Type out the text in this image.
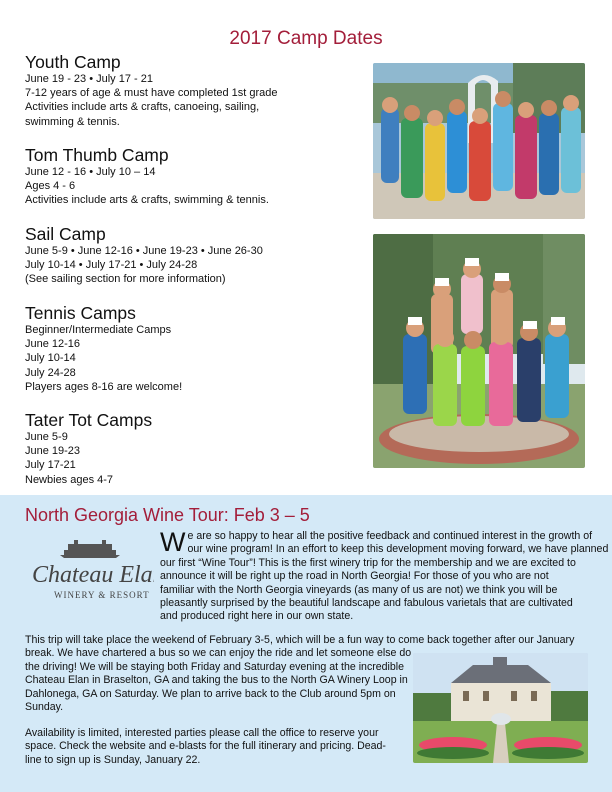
2017 Camp Dates
Youth Camp
June 19 - 23 • July 17 - 21
7-12 years of age & must have completed 1st grade
Activities include arts & crafts, canoeing, sailing,
swimming & tennis.
Tom Thumb Camp
June 12 - 16 • July 10 – 14
Ages 4 - 6
Activities include arts & crafts, swimming & tennis.
Sail Camp
June 5-9 • June 12-16 • June 19-23 • June 26-30
July 10-14 • July 17-21 • July 24-28
(See sailing section for more information)
Tennis Camps
Beginner/Intermediate Camps
June 12-16
July 10-14
July 24-28
Players ages 8-16 are welcome!
Tater Tot Camps
June 5-9
June 19-23
July 17-21
Newbies ages 4-7
North Georgia Wine Tour: Feb 3 – 5
Chateau Elan
WINERY & RESORT
W e are so happy to hear all the positive feedback and continued interest in the growth of
our wine program! In an effort to keep this development moving forward, we have planned
our first “Wine Tour”! This is the first winery trip for the membership and we are excited to
announce it will be right up the road in North Georgia! For those of you who are not
familiar with the North Georgia vineyards (as many of us are not) we think you will be
pleasantly surprised by the beautiful landscape and fabulous varietals that are cultivated
and produced right here in our own state.
This trip will take place the weekend of February 3-5, which will be a fun way to come back together after our January
break. We have chartered a bus so we can enjoy the ride and let someone else do
the driving! We will be staying both Friday and Saturday evening at the incredible
Chateau Elan in Braselton, GA and taking the bus to the North GA Winery Loop in
Dahlonega, GA on Saturday. We plan to arrive back to the Club around 5pm on
Sunday.
Availability is limited, interested parties please call the office to reserve your
space. Check the website and e-blasts for the full itinerary and pricing. Dead-
line to sign up is Sunday, January 22.
